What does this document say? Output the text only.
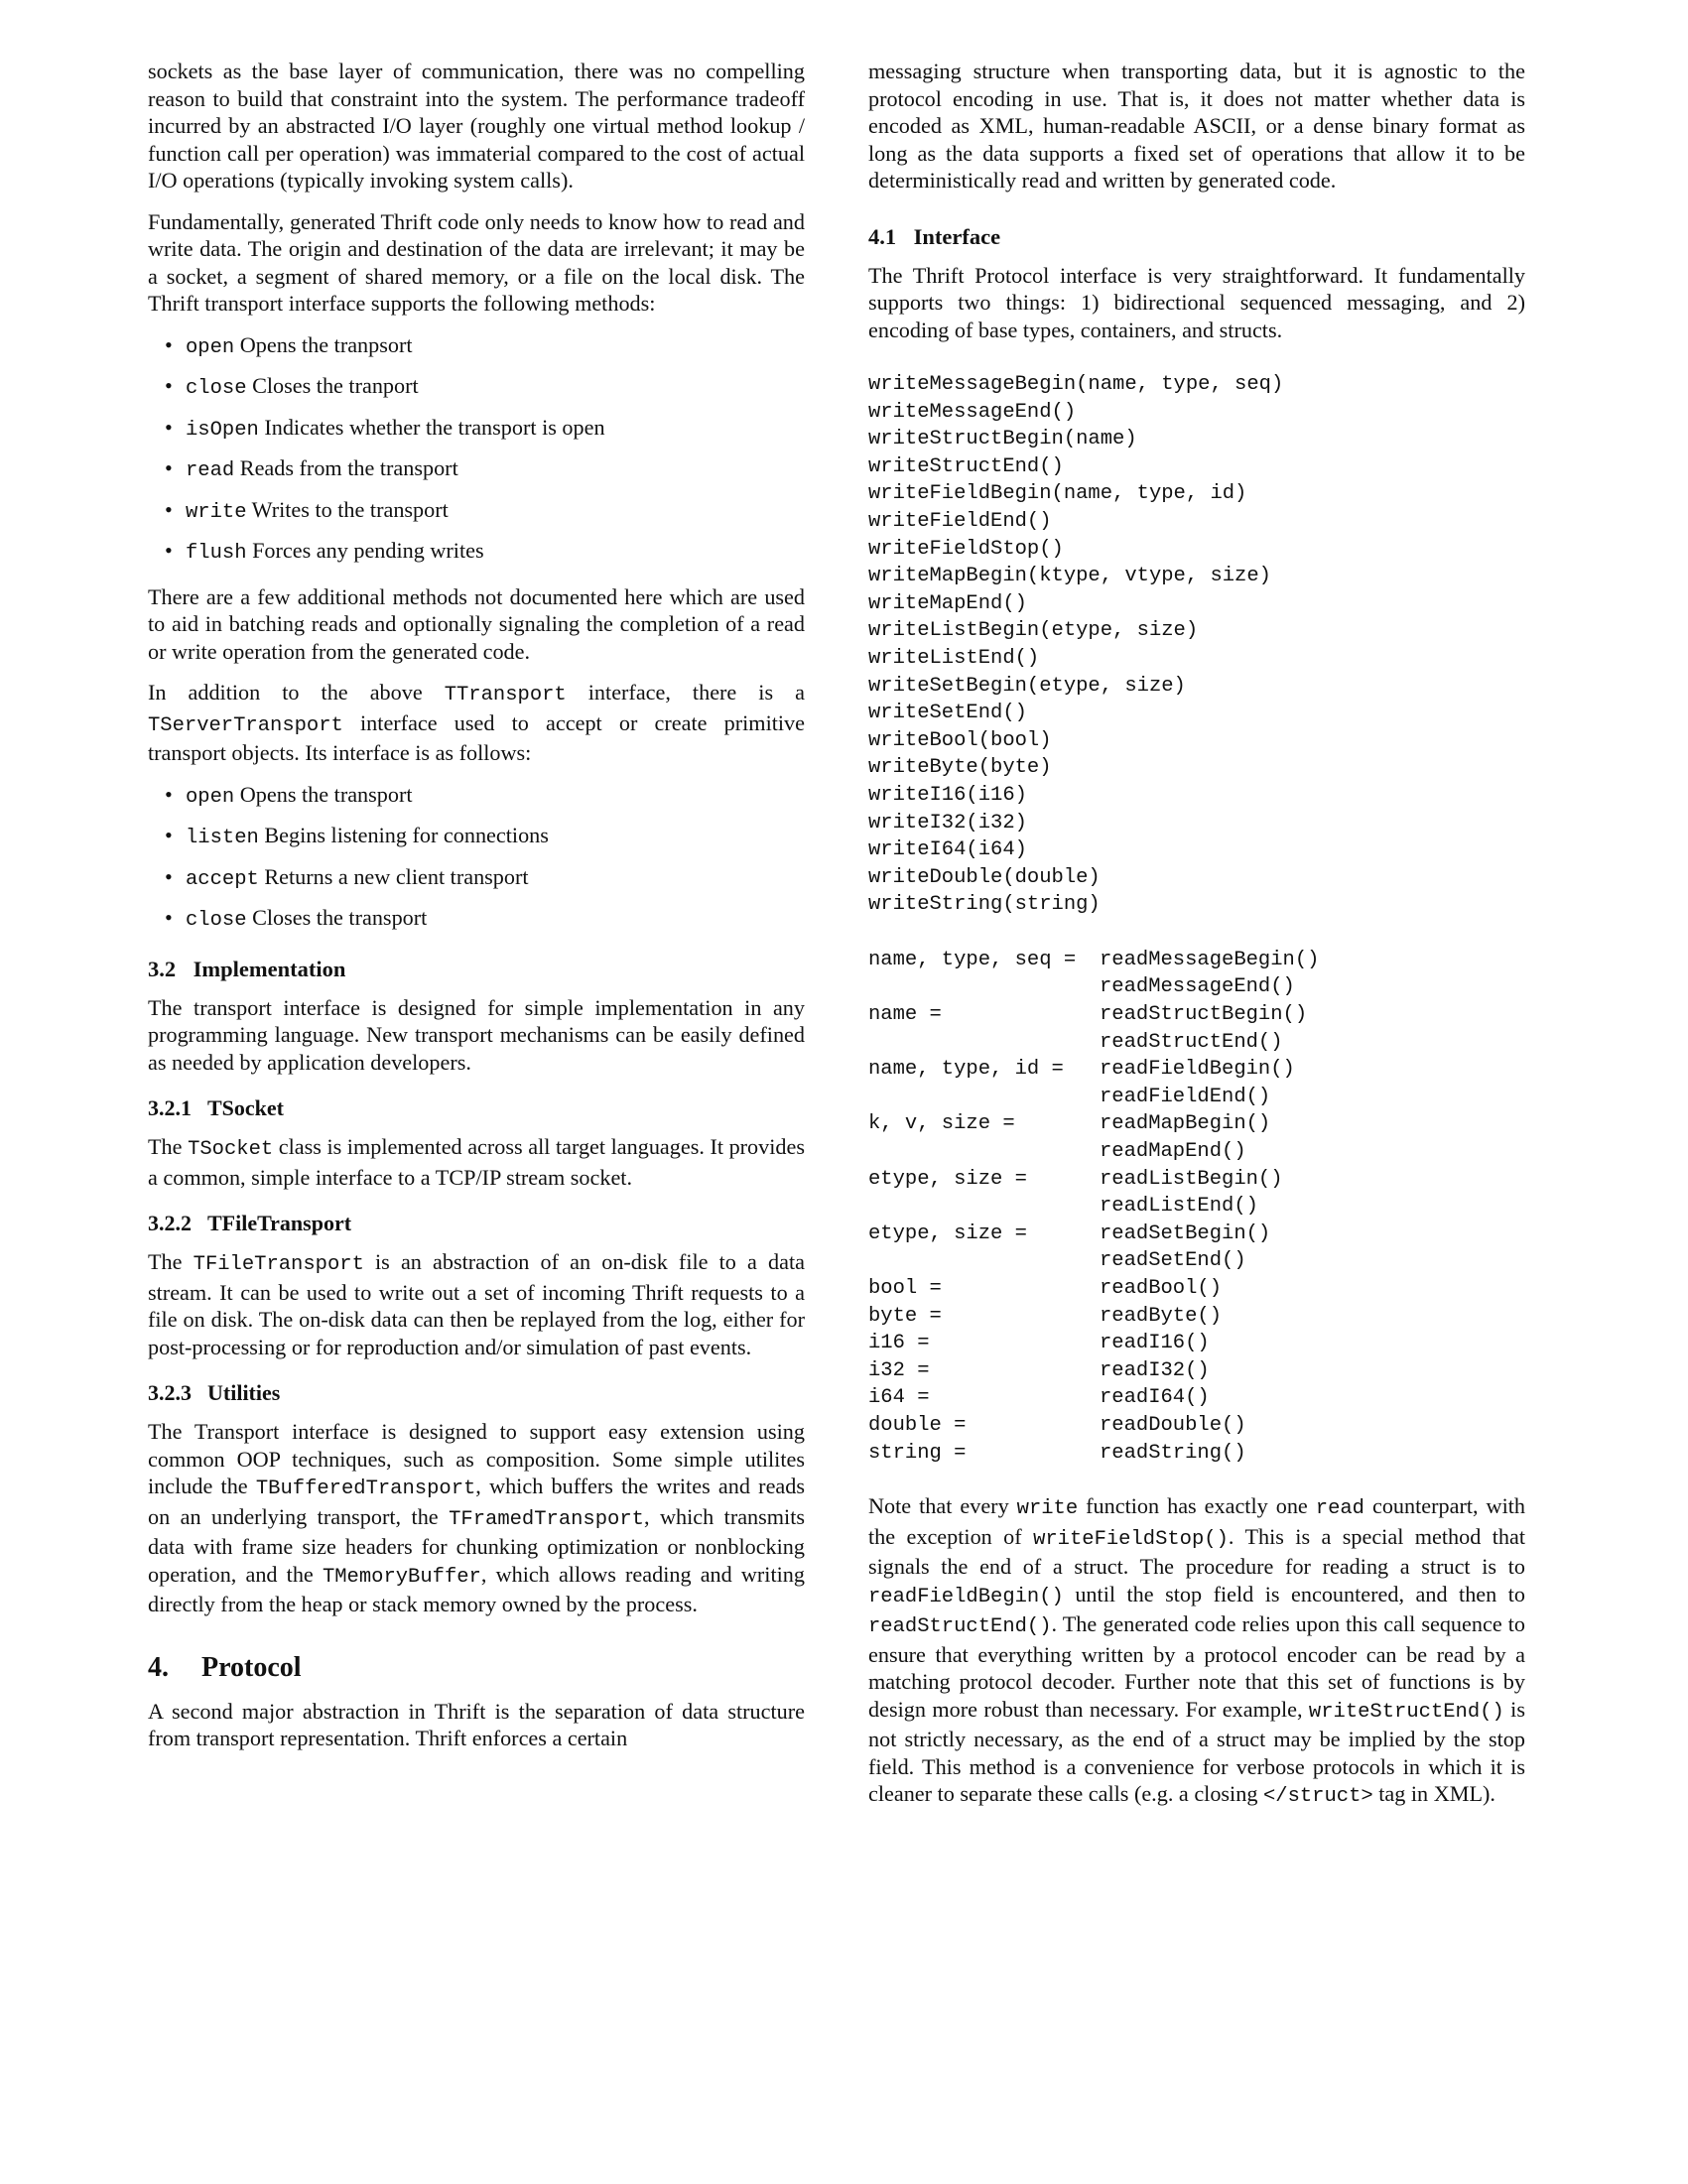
sockets as the base layer of communication, there was no compelling reason to build that constraint into the system. The performance tradeoff incurred by an abstracted I/O layer (roughly one virtual method lookup / function call per operation) was immaterial compared to the cost of actual I/O operations (typically invoking system calls).

Fundamentally, generated Thrift code only needs to know how to read and write data. The origin and destination of the data are irrelevant; it may be a socket, a segment of shared memory, or a file on the local disk. The Thrift transport interface supports the following methods:

• open Opens the tranpsort
• close Closes the tranport
• isOpen Indicates whether the transport is open
• read Reads from the transport
• write Writes to the transport
• flush Forces any pending writes

There are a few additional methods not documented here which are used to aid in batching reads and optionally signaling the completion of a read or write operation from the generated code.

In addition to the above TTransport interface, there is a TServerTransport interface used to accept or create primitive transport objects. Its interface is as follows:

• open Opens the transport
• listen Begins listening for connections
• accept Returns a new client transport
• close Closes the transport
3.2 Implementation

The transport interface is designed for simple implementation in any programming language. New transport mechanisms can be easily defined as needed by application developers.

3.2.1 TSocket

The TSocket class is implemented across all target languages. It provides a common, simple interface to a TCP/IP stream socket.

3.2.2 TFileTransport

The TFileTransport is an abstraction of an on-disk file to a data stream. It can be used to write out a set of incoming Thrift requests to a file on disk. The on-disk data can then be replayed from the log, either for post-processing or for reproduction and/or simulation of past events.

3.2.3 Utilities

The Transport interface is designed to support easy extension using common OOP techniques, such as composition. Some simple utilites include the TBufferedTransport, which buffers the writes and reads on an underlying transport, the TFramedTransport, which transmits data with frame size headers for chunking optimization or nonblocking operation, and the TMemoryBuffer, which allows reading and writing directly from the heap or stack memory owned by the process.

4. Protocol

A second major abstraction in Thrift is the separation of data structure from transport representation. Thrift enforces a certain

messaging structure when transporting data, but it is agnostic to the protocol encoding in use. That is, it does not matter whether data is encoded as XML, human-readable ASCII, or a dense binary format as long as the data supports a fixed set of operations that allow it to be deterministically read and written by generated code.

4.1 Interface

The Thrift Protocol interface is very straightforward. It fundamentally supports two things: 1) bidirectional sequenced messaging, and 2) encoding of base types, containers, and structs.

writeMessageBegin(name, type, seq)
writeMessageEnd()
writeStructBegin(name)
writeStructEnd()
writeFieldBegin(name, type, id)
writeFieldEnd()
writeFieldStop()
writeMapBegin(ktype, vtype, size)
writeMapEnd()
writeListBegin(etype, size)
writeListEnd()
writeSetBegin(etype, size)
writeSetEnd()
writeBool(bool)
writeByte(byte)
writeI16(i16)
writeI32(i32)
writeI64(i64)
writeDouble(double)
writeString(string)
name, type, seq =	readMessageBegin()
readMessageEnd()
name =	readStructBegin()
readStructEnd()
name, type, id =	readFieldBegin()
readFieldEnd()
k, v, size =	readMapBegin()
readMapEnd()
etype, size =	readListBegin()
readListEnd()
etype, size =	readSetBegin()
readSetEnd()
bool =	readBool()
byte =	readByte()
i16 =	readI16()
i32 =	readI32()
i64 =	readI64()
double =	readDouble()
string =	readString()

Note that every write function has exactly one read counterpart, with the exception of writeFieldStop(). This is a special method that signals the end of a struct. The procedure for reading a struct is to readFieldBegin() until the stop field is encountered, and then to readStructEnd(). The generated code relies upon this call sequence to ensure that everything written by a protocol encoder can be read by a matching protocol decoder. Further note that this set of functions is by design more robust than necessary. For example, writeStructEnd() is not strictly necessary, as the end of a struct may be implied by the stop field. This method is a convenience for verbose protocols in which it is cleaner to separate these calls (e.g. a closing </struct> tag in XML).
